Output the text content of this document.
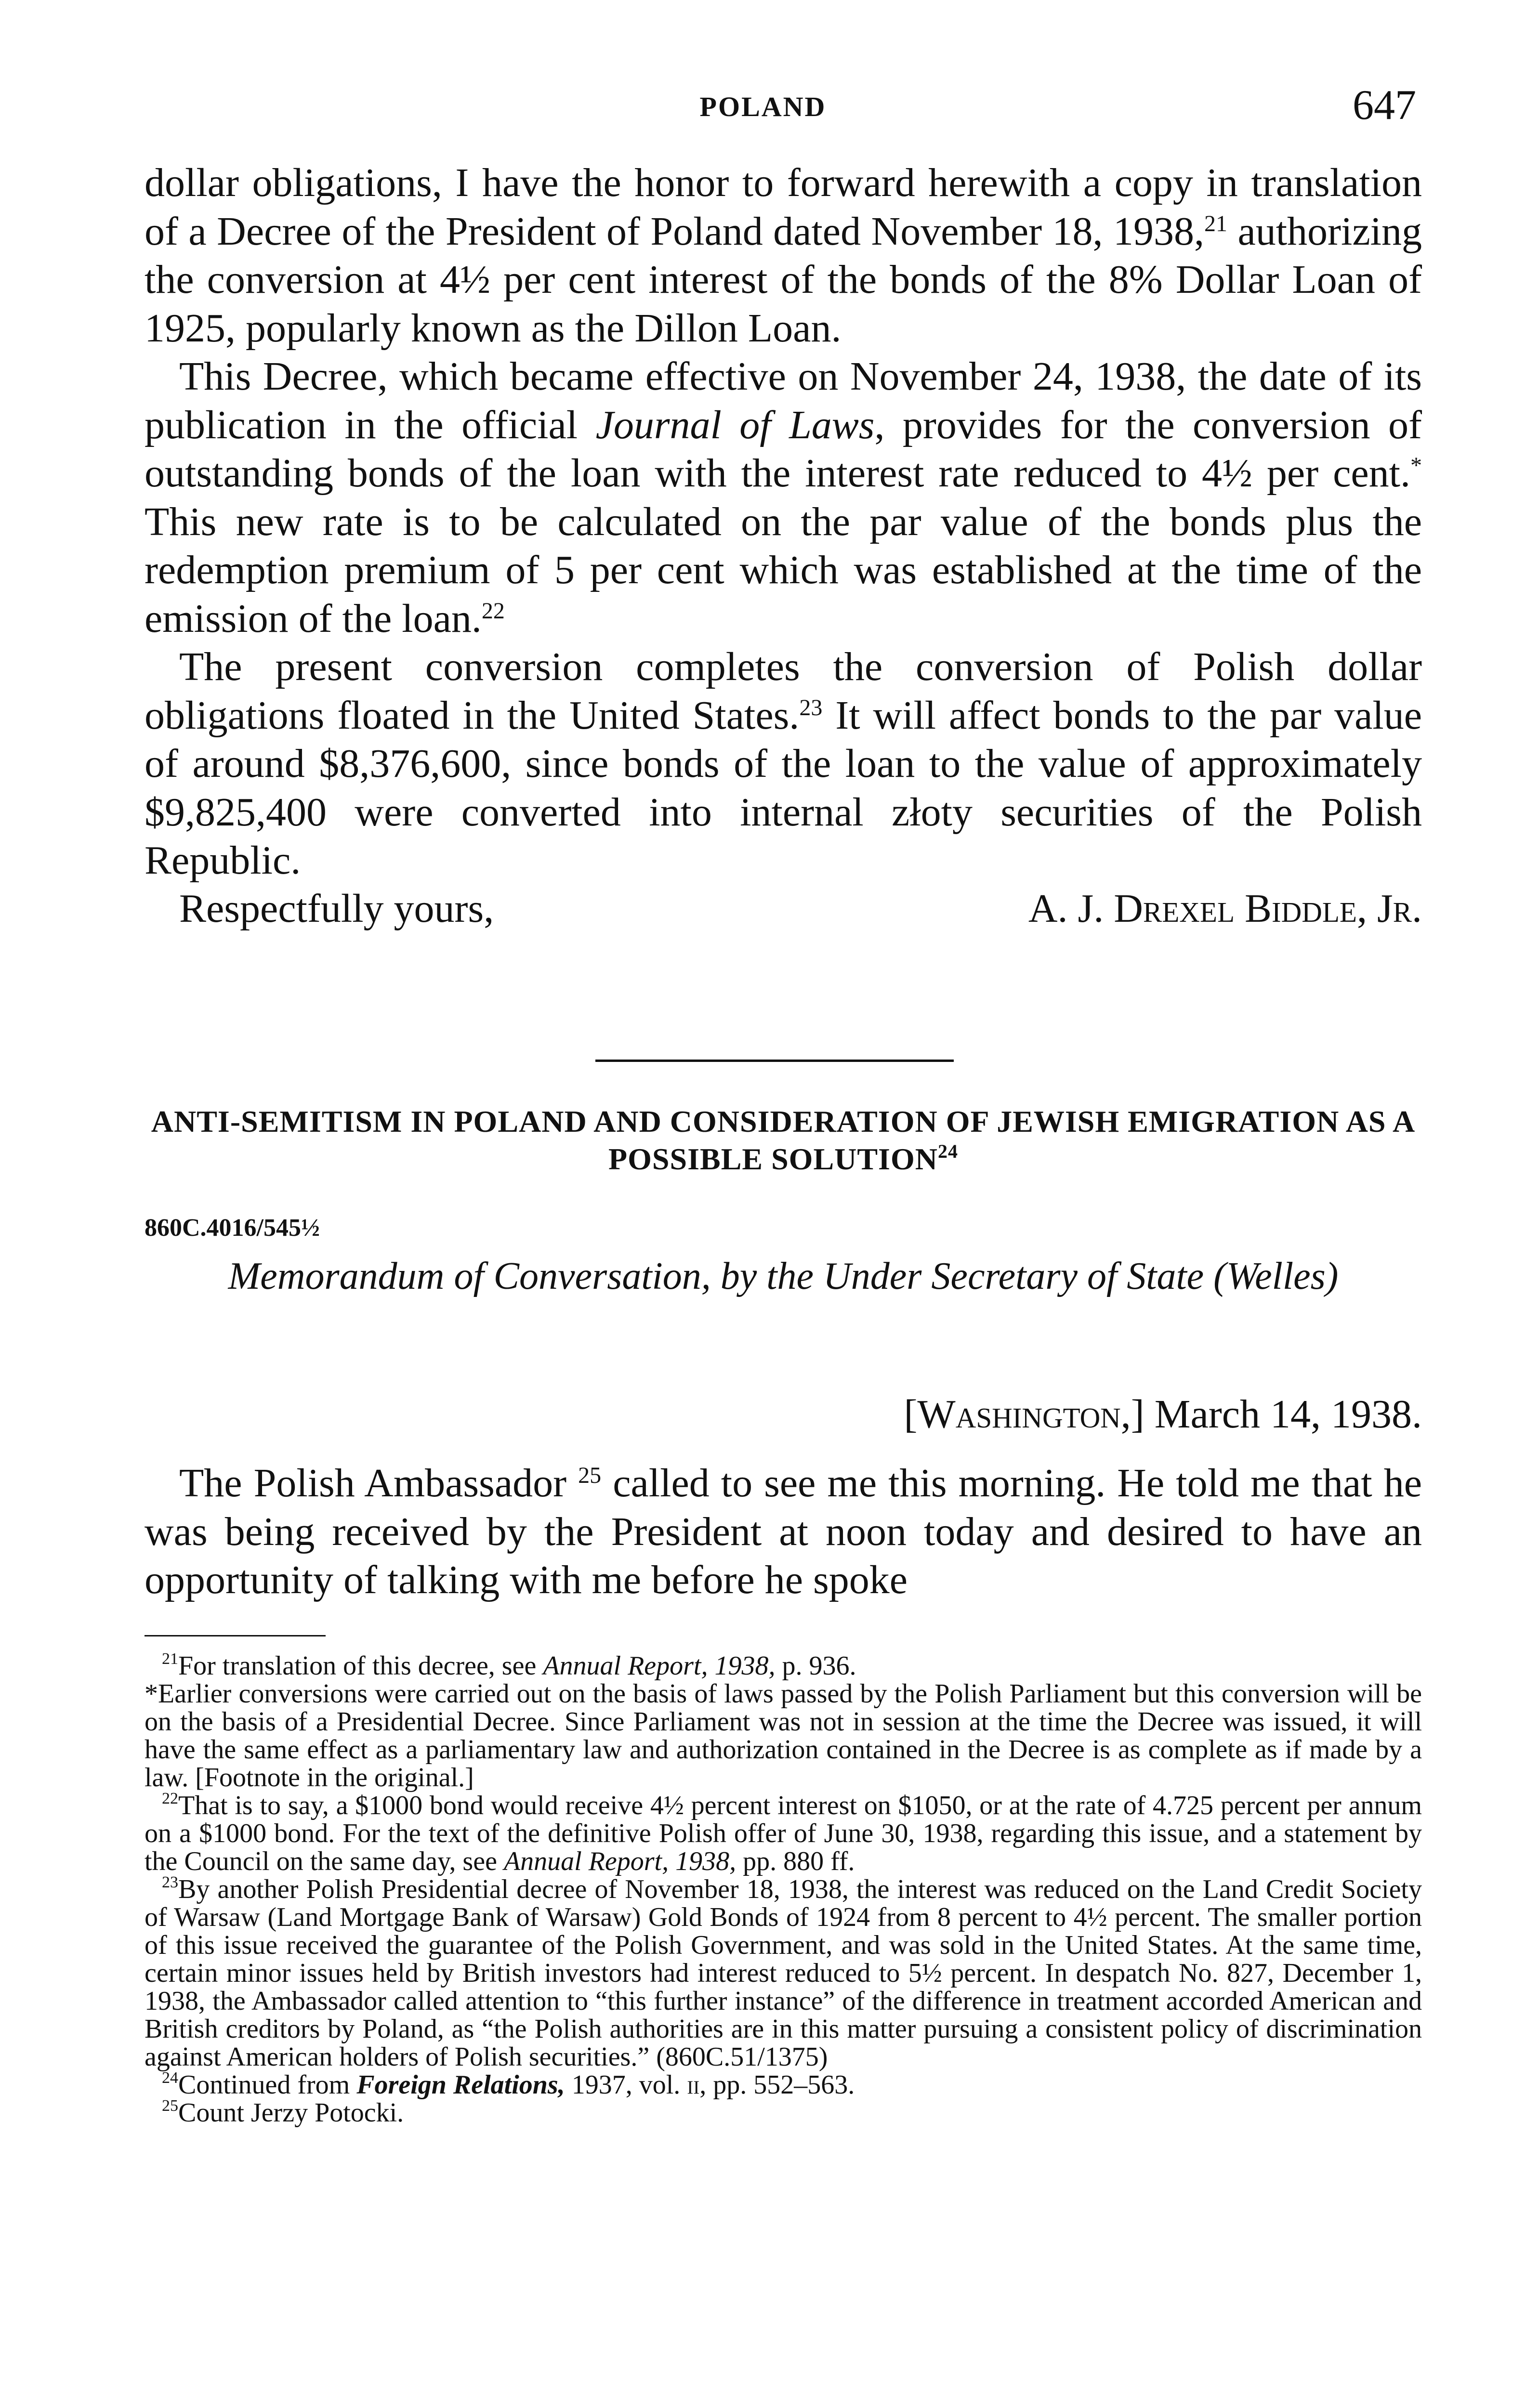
POLAND	647

dollar obligations, I have the honor to forward herewith a copy in translation of a Decree of the President of Poland dated November 18, 1938,21 authorizing the conversion at 4½ per cent interest of the bonds of the 8% Dollar Loan of 1925, popularly known as the Dillon Loan.

This Decree, which became effective on November 24, 1938, the date of its publication in the official Journal of Laws, provides for the conversion of outstanding bonds of the loan with the interest rate reduced to 4½ per cent.* This new rate is to be calculated on the par value of the bonds plus the redemption premium of 5 per cent which was established at the time of the emission of the loan.$^{22}$

The present conversion completes the conversion of Polish dollar obligations floated in the United States.$^{23}$ It will affect bonds to the par value of around $8,376,600, since bonds of the loan to the value of approximately $9,825,400 were converted into internal złoty securities of the Polish Republic.

Respectfully yours,	A. J. Drexel Biddle, Jr.
ANTI-SEMITISM IN POLAND AND CONSIDERATION OF JEWISH EMIGRATION AS A POSSIBLE SOLUTION$^{24}$
860C.4016/545½
Memorandum of Conversation, by the Under Secretary of State (Welles)
[Washington,] March 14, 1938.

The Polish Ambassador $^{25}$ called to see me this morning. He told me that he was being received by the President at noon today and desired to have an opportunity of talking with me before he spoke

$^{21}$For translation of this decree, see Annual Report, 1938, p. 936.

*Earlier conversions were carried out on the basis of laws passed by the Polish Parliament but this conversion will be on the basis of a Presidential Decree. Since Parliament was not in session at the time the Decree was issued, it will have the same effect as a parliamentary law and authorization contained in the Decree is as complete as if made by a law. [Footnote in the original.]

$^{22}$That is to say, a $1000 bond would receive 4½ percent interest on $1050, or at the rate of 4.725 percent per annum on a $1000 bond. For the text of the definitive Polish offer of June 30, 1938, regarding this issue, and a statement by the Council on the same day, see Annual Report, 1938, pp. 880 ff.

$^{23}$By another Polish Presidential decree of November 18, 1938, the interest was reduced on the Land Credit Society of Warsaw (Land Mortgage Bank of Warsaw) Gold Bonds of 1924 from 8 percent to 4½ percent. The smaller portion of this issue received the guarantee of the Polish Government, and was sold in the United States. At the same time, certain minor issues held by British investors had interest reduced to 5½ percent. In despatch No. 827, December 1, 1938, the Ambassador called attention to “this further instance” of the difference in treatment accorded American and British creditors by Poland, as “the Polish authorities are in this matter pursuing a consistent policy of discrimination against American holders of Polish securities.” (860C.51/1375)

$^{24}$Continued from Foreign Relations, 1937, vol. ii, pp. 552–563.

$^{25}$Count Jerzy Potocki.
